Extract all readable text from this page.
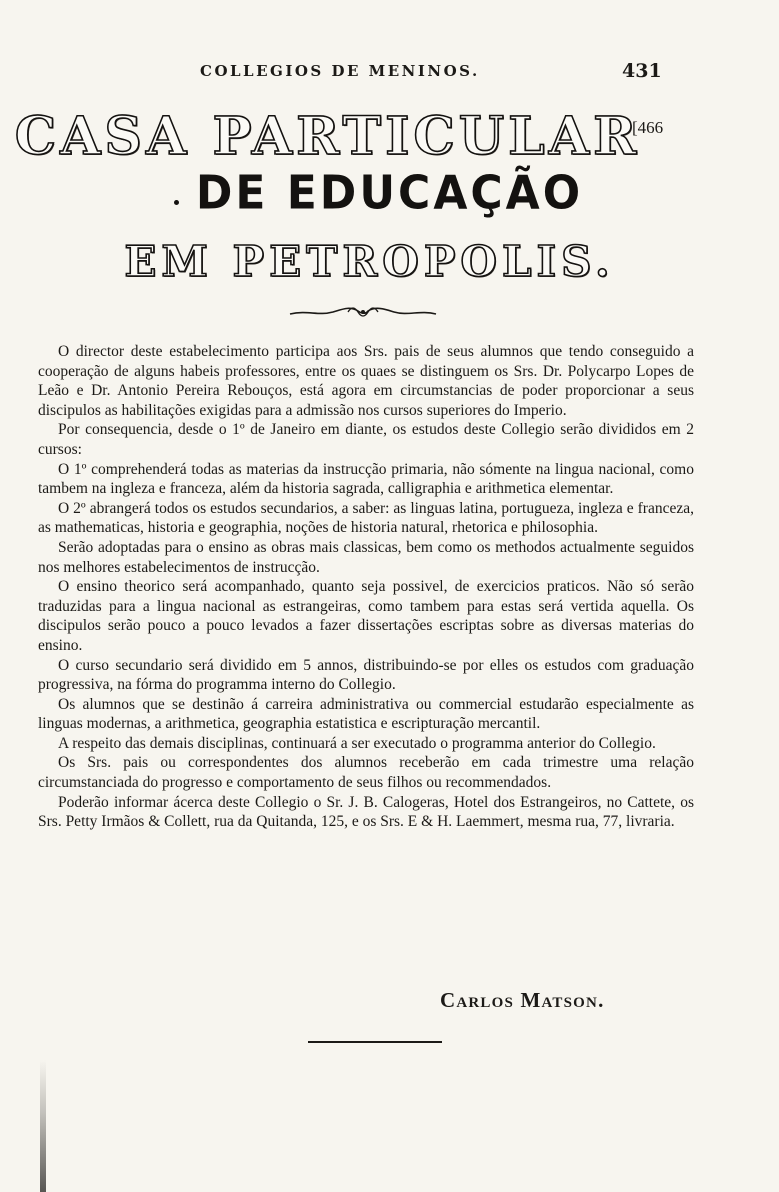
COLLEGIOS DE MENINOS.	431
[466
CASA PARTICULAR
DE EDUCAÇÃO
EM PETROPOLIS.

O director deste estabelecimento participa aos Srs. pais de seus alumnos que tendo conseguido a cooperação de alguns habeis professores, entre os quaes se distinguem os Srs. Dr. Polycarpo Lopes de Leão e Dr. Antonio Pereira Rebouços, está agora em circumstancias de poder proporcionar a seus discipulos as habilitações exigidas para a admissão nos cursos superiores do Imperio.

Por consequencia, desde o 1º de Janeiro em diante, os estudos deste Collegio serão divididos em 2 cursos:

O 1º comprehenderá todas as materias da instrucção primaria, não sómente na lingua nacional, como tambem na ingleza e franceza, além da historia sagrada, calligraphia e arithmetica elementar.

O 2º abrangerá todos os estudos secundarios, a saber: as linguas latina, portugueza, ingleza e franceza, as mathematicas, historia e geographia, noções de historia natural, rhetorica e philosophia.

Serão adoptadas para o ensino as obras mais classicas, bem como os methodos actualmente seguidos nos melhores estabelecimentos de instrucção.

O ensino theorico será acompanhado, quanto seja possivel, de exercicios praticos. Não só serão traduzidas para a lingua nacional as estrangeiras, como tambem para estas será vertida aquella. Os discipulos serão pouco a pouco levados a fazer dissertações escriptas sobre as diversas materias do ensino.

O curso secundario será dividido em 5 annos, distribuindo-se por elles os estudos com graduação progressiva, na fórma do programma interno do Collegio.

Os alumnos que se destinão á carreira administrativa ou commercial estudarão especialmente as linguas modernas, a arithmetica, geographia estatistica e escripturação mercantil.

A respeito das demais disciplinas, continuará a ser executado o programma anterior do Collegio.

Os Srs. pais ou correspondentes dos alumnos receberão em cada trimestre uma relação circumstanciada do progresso e comportamento de seus filhos ou recommendados.

Poderão informar ácerca deste Collegio o Sr. J. B. Calogeras, Hotel dos Estrangeiros, no Cattete, os Srs. Petty Irmãos & Collett, rua da Quitanda, 125, e os Srs. E & H. Laemmert, mesma rua, 77, livraria.

Carlos Matson.
